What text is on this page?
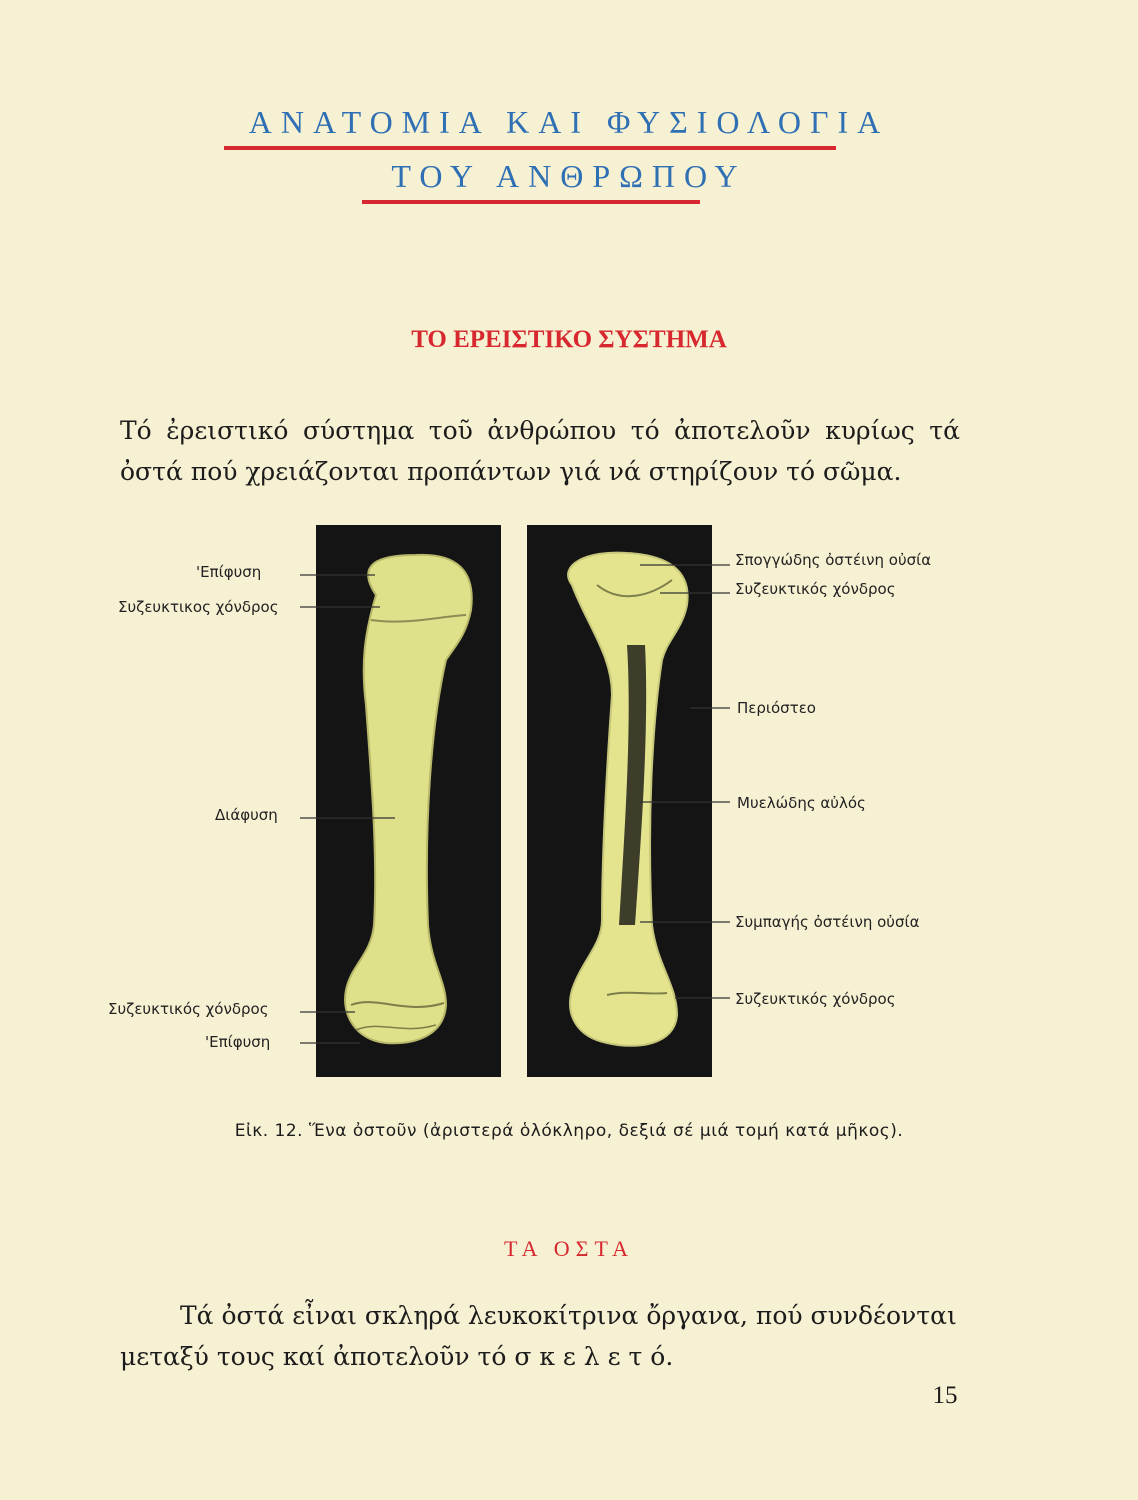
ΑΝΑΤΟΜΙΑ ΚΑΙ ΦΥΣΙΟΛΟΓΙΑ
ΤΟΥ ΑΝΘΡΩΠΟΥ
ΤΟ ΕΡΕΙΣΤΙΚΟ ΣΥΣΤΗΜΑ
Τό ἐρειστικό σύστημα τοῦ ἀνθρώπου τό ἀποτελοῦν κυρίως τά ὀστά πού χρειάζονται προπάντων γιά νά στηρίζουν τό σῶμα.
'Επίφυση
Συζευκτικος χόνδρος
Διάφυση
Συζευκτικός χόνδρος
'Επίφυση
Σπογγώδης ὀστέινη οὐσία
Συζευκτικός χόνδρος
Περιόστεο
Μυελώδης αὐλός
Συμπαγής ὀστέινη οὐσία
Συζευκτικός χόνδρος
Εἰκ. 12. Ἕνα ὀστοῦν (ἀριστερά ὁλόκληρο, δεξιά σέ μιά τομή κατά μῆκος).
ΤΑ ΟΣΤΑ
Τά ὀστά εἶναι σκληρά λευκοκίτρινα ὄργανα, πού συνδέονται
μεταξύ τους καί ἀποτελοῦν τό σ κ ε λ ε τ ό.
15
